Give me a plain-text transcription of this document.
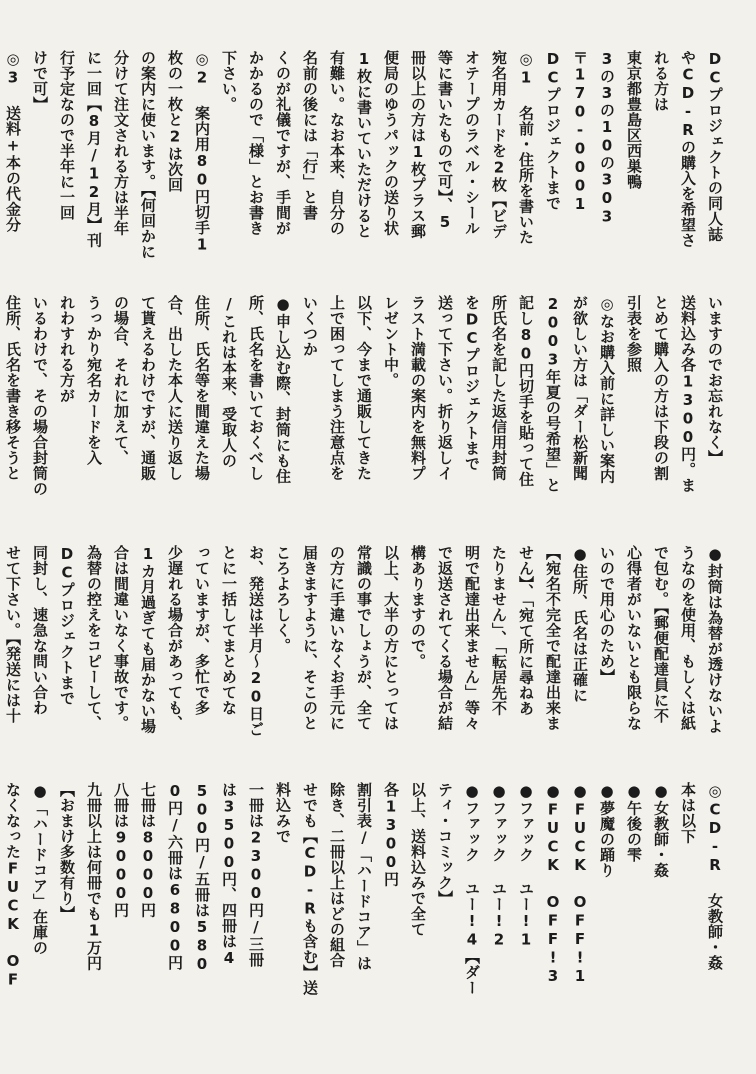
DCプロジェクトの同人誌
やCD-Rの購入を希望さ
れる方は
東京都豊島区西巣鴨
3の3の10の303
〒170-0001
DCプロジェクトまで
◎1 名前・住所を書いた
宛名用カードを2枚【ビデ
オテープのラベル・シール
等に書いたもので可】、5
冊以上の方は1枚プラス郵
便局のゆうパックの送り状
1枚に書いていただけると
有難い。なお本来、自分の
名前の後には「行」と書
くのが礼儀ですが、手間が
かかるので「様」とお書き
下さい。
◎2 案内用80円切手1
枚の一枚と2は次回
の案内に使います。【何回かに
分けて注文される方は半年
に一回【8月/12月】刊
行予定なので半年に一回
けで可】
◎3 送料+本の代金分

いますのでお忘れなく】
送料込み各1300円。ま
とめて購入の方は下段の割
引表を参照
◎なお購入前に詳しい案内
が欲しい方は「ダー松新聞
2003年夏の号希望」と
記し80円切手を貼って住
所氏名を記した返信用封筒
をDCプロジェクトまで
送って下さい。折り返しイ
ラスト満載の案内を無料プ
レゼント中。
以下、今まで通販してきた
上で困ってしまう注意点を
いくつか
●申し込む際、封筒にも住
所、氏名を書いておくべし
/これは本来、受取人の
住所、氏名等を間違えた場
合、出した本人に送り返し
て貰えるわけですが、通販
の場合、それに加えて、
うっかり宛名カードを入
れわすれる方が
いるわけで、その場合封筒の
住所、氏名を書き移そうと

●封筒は為替が透けないよ
うなのを使用、もしくは紙
で包む。【郵便配達員に不
心得者がいないとも限らな
いので用心のため】
●住所、氏名は正確に
【宛名不完全で配達出来ま
せん】、「宛て所に尋ねあ
たりません」、「転居先不
明で配達出来ません」等々
で返送されてくる場合が結
構ありますので。
以上、大半の方にとっては
常識の事でしょうが、全て
の方に手違いなくお手元に
届きますように、そこのと
ころよろしく。
お、発送は半月〜20日ご
とに一括してまとめてな
っていますが、多忙で多
少遅れる場合があっても、
1カ月過ぎても届かない場
合は間違いなく事故です。
為替の控えをコピーして、
DCプロジェクトまで
同封し、速急な問い合わ
せて下さい。【発送には十

◎CD-R 女教師・姦
本は以下
●女教師・姦
●午後の雫
●夢魔の踊り
●FUCK OFF!1
●FUCK OFF!3
●ファック ユー!1
●ファック ユー!2
●ファック ユー!4【ダー
ティ・コミック】
以上、送料込みで全て
各1300円
割引表/「ハードコア」は
除き、二冊以上はどの組合
せでも【CD-Rも含む】送
料込みで
一冊は2300円/三冊
は3500円、四冊は4
500円/五冊は580
0円/六冊は6800円
七冊は8000円
八冊は9000円
九冊以上は何冊でも1万円
【おまけ多数有り】
●「ハードコア」在庫の
なくなったFUCK OF
